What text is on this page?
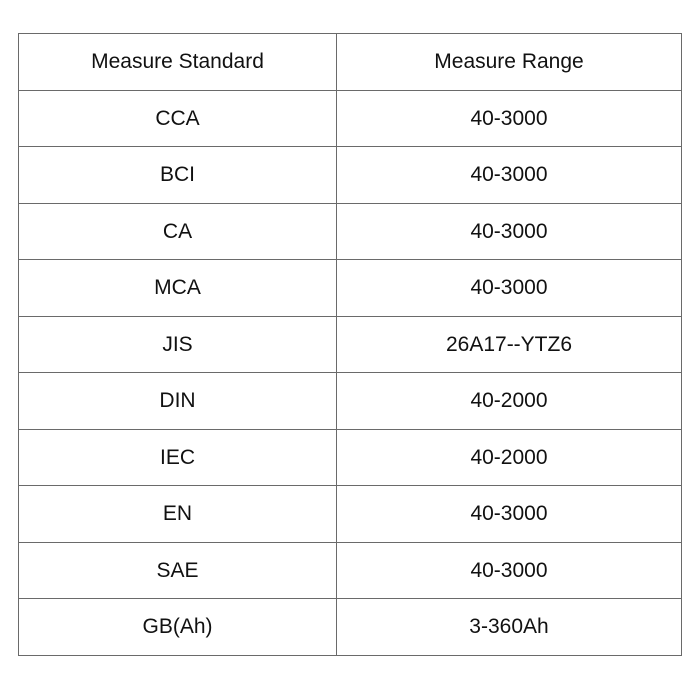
Measure Standard	Measure Range
CCA	40-3000
BCI	40-3000
CA	40-3000
MCA	40-3000
JIS	26A17--YTZ6
DIN	40-2000
IEC	40-2000
EN	40-3000
SAE	40-3000
GB(Ah)	3-360Ah
